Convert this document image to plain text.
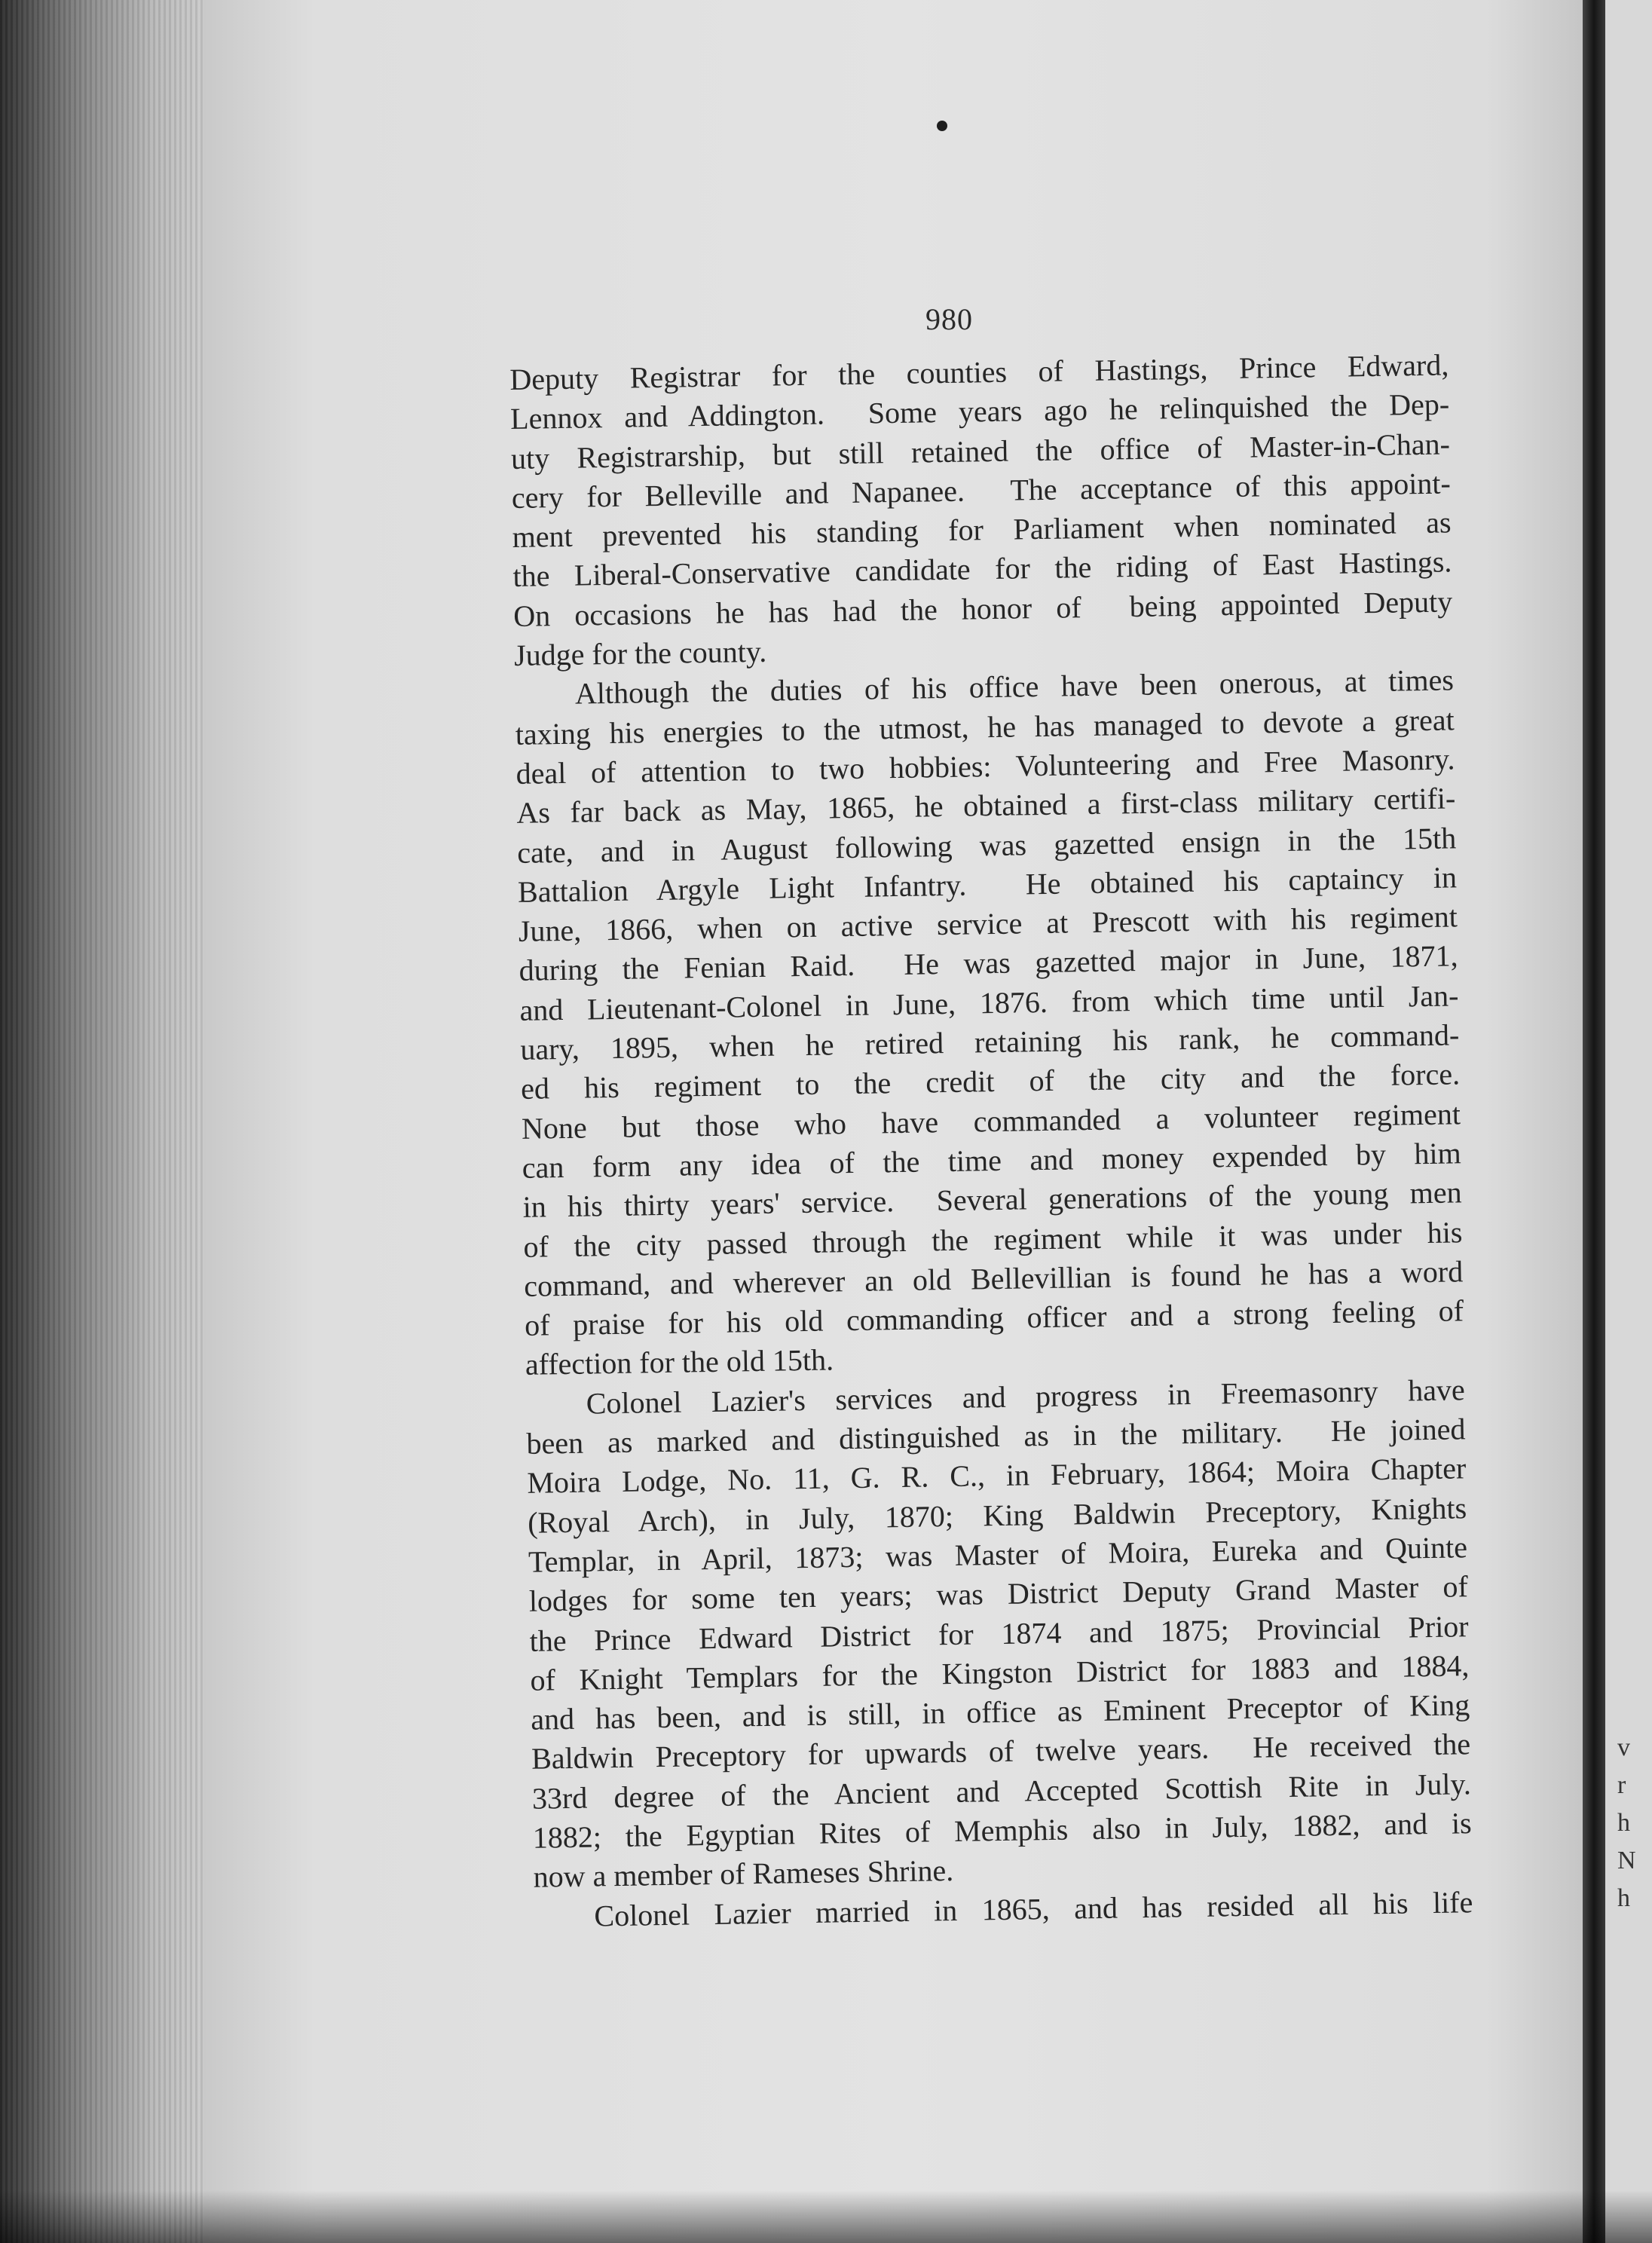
v
r
h
N
h
980
Deputy Registrar for the counties of Hastings, Prince Edward,
Lennox and Addington.  Some years ago he relinquished the Dep-
uty Registrarship, but still retained the office of Master-in-Chan-
cery for Belleville and Napanee.  The acceptance of this appoint-
ment prevented his standing for Parliament when nominated as
the Liberal-Conservative candidate for the riding of East Hastings.
On occasions he has had the honor of  being appointed Deputy
Judge for the county.
Although the duties of his office have been onerous, at times
taxing his energies to the utmost, he has managed to devote a great
deal of attention to two hobbies: Volunteering and Free Masonry.
As far back as May, 1865, he obtained a first-class military certifi-
cate, and in August following was gazetted ensign in the 15th
Battalion Argyle Light Infantry.  He obtained his captaincy in
June, 1866, when on active service at Prescott with his regiment
during the Fenian Raid.  He was gazetted major in June, 1871,
and Lieutenant-Colonel in June, 1876. from which time until Jan-
uary, 1895, when he retired retaining his rank, he command-
ed his regiment to the credit of the city and the force.
None but those who have commanded a volunteer regiment
can form any idea of the time and money expended by him
in his thirty years' service.  Several generations of the young men
of the city passed through the regiment while it was under his
command, and wherever an old Bellevillian is found he has a word
of praise for his old commanding officer and a strong feeling of
affection for the old 15th.
Colonel Lazier's services and progress in Freemasonry have
been as marked and distinguished as in the military.  He joined
Moira Lodge, No. 11, G. R. C., in February, 1864; Moira Chapter
(Royal Arch), in July, 1870; King Baldwin Preceptory, Knights
Templar, in April, 1873; was Master of Moira, Eureka and Quinte
lodges for some ten years; was District Deputy Grand Master of
the Prince Edward District for 1874 and 1875; Provincial Prior
of Knight Templars for the Kingston District for 1883 and 1884,
and has been, and is still, in office as Eminent Preceptor of King
Baldwin Preceptory for upwards of twelve years.  He received the
33rd degree of the Ancient and Accepted Scottish Rite in July.
1882; the Egyptian Rites of Memphis also in July, 1882, and is
now a member of Rameses Shrine.
Colonel Lazier married in 1865, and has resided all his life
